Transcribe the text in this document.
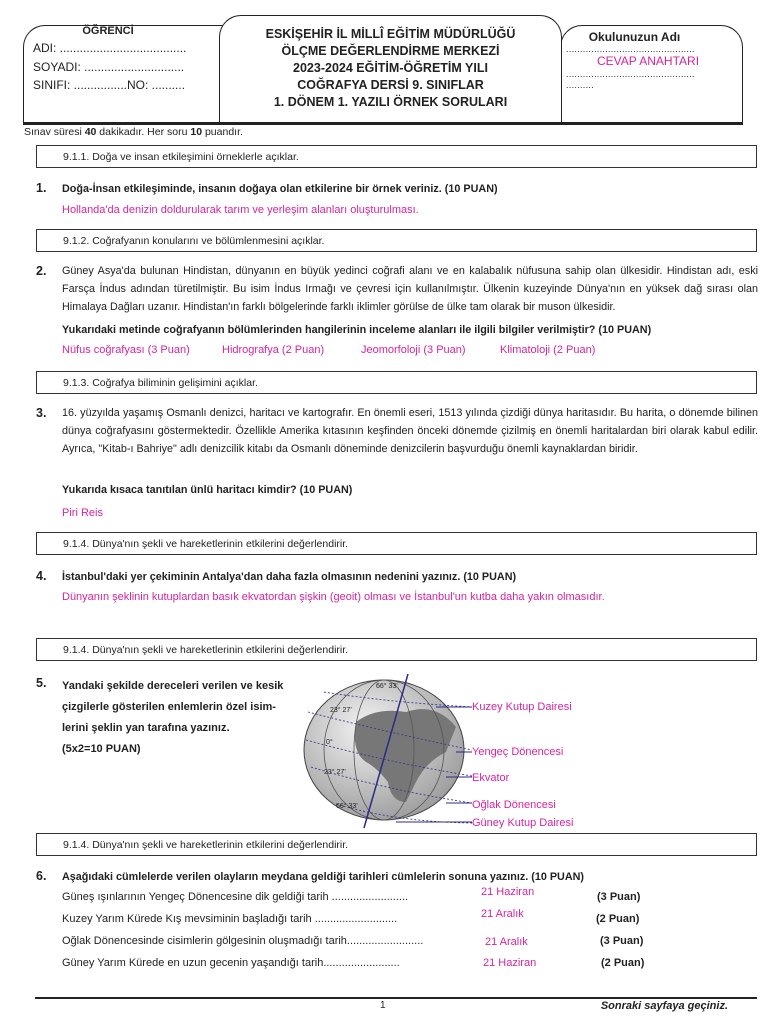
ÖĞRENCİ
ADI: ......................................
SOYADI: ..............................
SINIFI: ................NO: ..........
ESKİŞEHİR İL MİLLÎ EĞİTİM MÜDÜRLÜĞÜ
ÖLÇME DEĞERLENDİRME MERKEZİ
2023-2024 EĞİTİM-ÖĞRETİM YILI
COĞRAFYA DERSİ 9. SINIFLAR
1. DÖNEM 1. YAZILI ÖRNEK SORULARI
Okulunuzun Adı
..............................................
CEVAP ANAHTARI
..............................................
..........
Sınav süresi 40 dakikadır. Her soru 10 puandır.
9.1.1. Doğa ve insan etkileşimini örneklerle açıklar.
1. Doğa-İnsan etkileşiminde, insanın doğaya olan etkilerine bir örnek veriniz. (10 PUAN)
Hollanda'da denizin doldurularak tarım ve yerleşim alanları oluşturulması.
9.1.2. Coğrafyanın konularını ve bölümlenmesini açıklar.
2. Güney Asya'da bulunan Hindistan, dünyanın en büyük yedinci coğrafi alanı ve en kalabalık nüfusuna sahip olan ülkesidir. Hindistan adı, eski Farsça İndus adından türetilmiştir. Bu isim İndus Irmağı ve çevresi için kullanılmıştır. Ülkenin kuzeyinde Dünya'nın en yüksek dağ sırası olan Himalaya Dağları uzanır. Hindistan'ın farklı bölgelerinde farklı iklimler görülse de ülke tam olarak bir muson ülkesidir.
Yukarıdaki metinde coğrafyanın bölümlerinden hangilerinin inceleme alanları ile ilgili bilgiler verilmiştir? (10 PUAN)
Nüfus coğrafyası (3 Puan)	Hidrografya (2 Puan)	Jeomorfoloji (3 Puan)	Klimatoloji (2 Puan)
9.1.3. Coğrafya biliminin gelişimini açıklar.
3. 16. yüzyılda yaşamış Osmanlı denizci, haritacı ve kartografır. En önemli eseri, 1513 yılında çizdiği dünya haritasıdır. Bu harita, o dönemde bilinen dünya coğrafyasını göstermektedir. Özellikle Amerika kıtasının keşfinden önceki dönemde çizilmiş en önemli haritalardan biri olarak kabul edilir. Ayrıca, "Kitab-ı Bahriye" adlı denizcilik kitabı da Osmanlı döneminde denizcilerin başvurduğu önemli kaynaklardan biridir.
Yukarıda kısaca tanıtılan ünlü haritacı kimdir? (10 PUAN)
Piri Reis
9.1.4. Dünya'nın şekli ve hareketlerinin etkilerini değerlendirir.
4. İstanbul'daki yer çekiminin Antalya'dan daha fazla olmasının nedenini yazınız. (10 PUAN)
Dünyanın şeklinin kutuplardan basık ekvatordan şişkin (geoit) olması ve İstanbul'un kutba daha yakın olmasıdır.
9.1.4. Dünya'nın şekli ve hareketlerinin etkilerini değerlendirir.
5. Yandaki şekilde dereceleri verilen ve kesik
çizgilerle gösterilen enlemlerin özel isim-
lerini şeklin yan tarafına yazınız.
(5x2=10 PUAN)
66° 33'
23° 27'
0°
23° 27'
66° 33'
Kuzey Kutup Dairesi
Yengeç Dönencesi
Ekvator
Oğlak Dönencesi
Güney Kutup Dairesi
9.1.4. Dünya'nın şekli ve hareketlerinin etkilerini değerlendirir.
6. Aşağıdaki cümlelerde verilen olayların meydana geldiği tarihleri cümlelerin sonuna yazınız. (10 PUAN)
Güneş ışınlarının Yengeç Dönencesine dik geldiği tarih .........................	21 Haziran	(3 Puan)
Kuzey Yarım Kürede Kış mevsiminin başladığı tarih ...........................	21 Aralık	(2 Puan)
Oğlak Dönencesinde cisimlerin gölgesinin oluşmadığı tarih.........................	21 Aralık	(3 Puan)
Güney Yarım Kürede en uzun gecenin yaşandığı tarih.........................	21 Haziran	(2 Puan)
1	Sonraki sayfaya geçiniz.
